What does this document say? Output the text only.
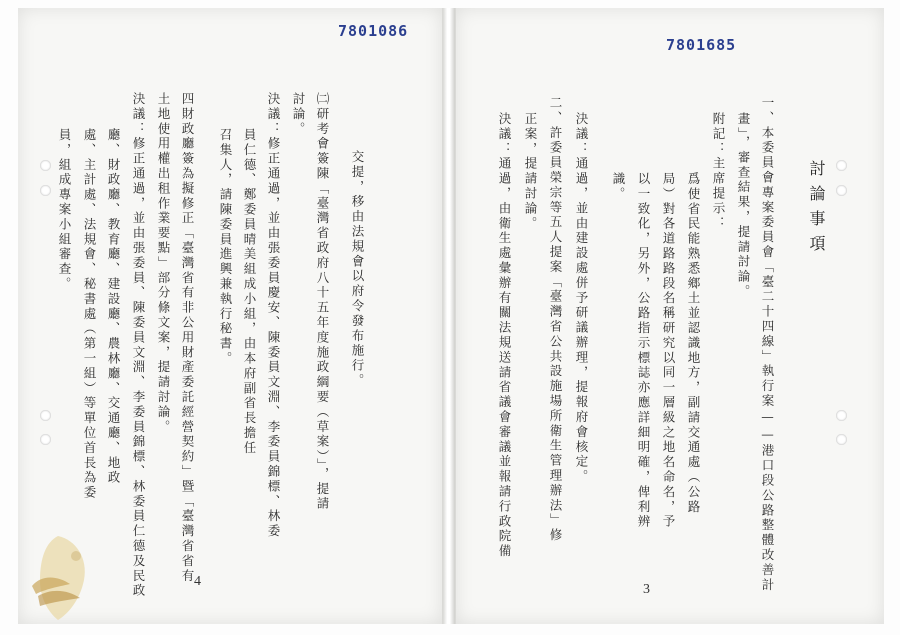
7801086
交提，移由法規會以府令發布施行。
㈡研考會簽陳「臺灣省政府八十五年度施政綱要（草案）」，提請
討論。
決議：修正通過，並由張委員慶安、陳委員文淵、李委員錦標、林委
員仁德、鄭委員晴美組成小組，由本府副省長擔任
召集人，請陳委員進興兼執行秘書。
四財政廳簽為擬修正「臺灣省有非公用財產委託經營契約」暨「臺灣省省有
土地使用權出租作業要點」部分條文案，提請討論。
決議：修正通過，並由張委員、陳委員文淵、李委員錦標、林委員仁德及民政
廳、財政廳、教育廳、建設廳、農林廳、交通廳、地政
處、主計處、法規會、秘書處（第一組）等單位首長為委
員，組成專案小組審查。
4
7801685
討論事項
一、本委員會專案委員會「臺二十四線」執行案——港口段公路整體改善計
畫」，審查結果，提請討論。
附記：主席提示：
爲使省民能熟悉鄉土並認識地方，副請交通處（公路
局）對各道路路段名稱研究以同一層級之地名命名，予
以一致化，另外，公路指示標誌亦應詳細明確，俾利辨
識。
決議：通過，並由建設處併予研議辦理，提報府會核定。
二、許委員榮宗等五人提案「臺灣省公共設施場所衛生管理辦法」修
正案，提請討論。
決議：通過，由衛生處彙辦有關法規送請省議會審議並報請行政院備
3
